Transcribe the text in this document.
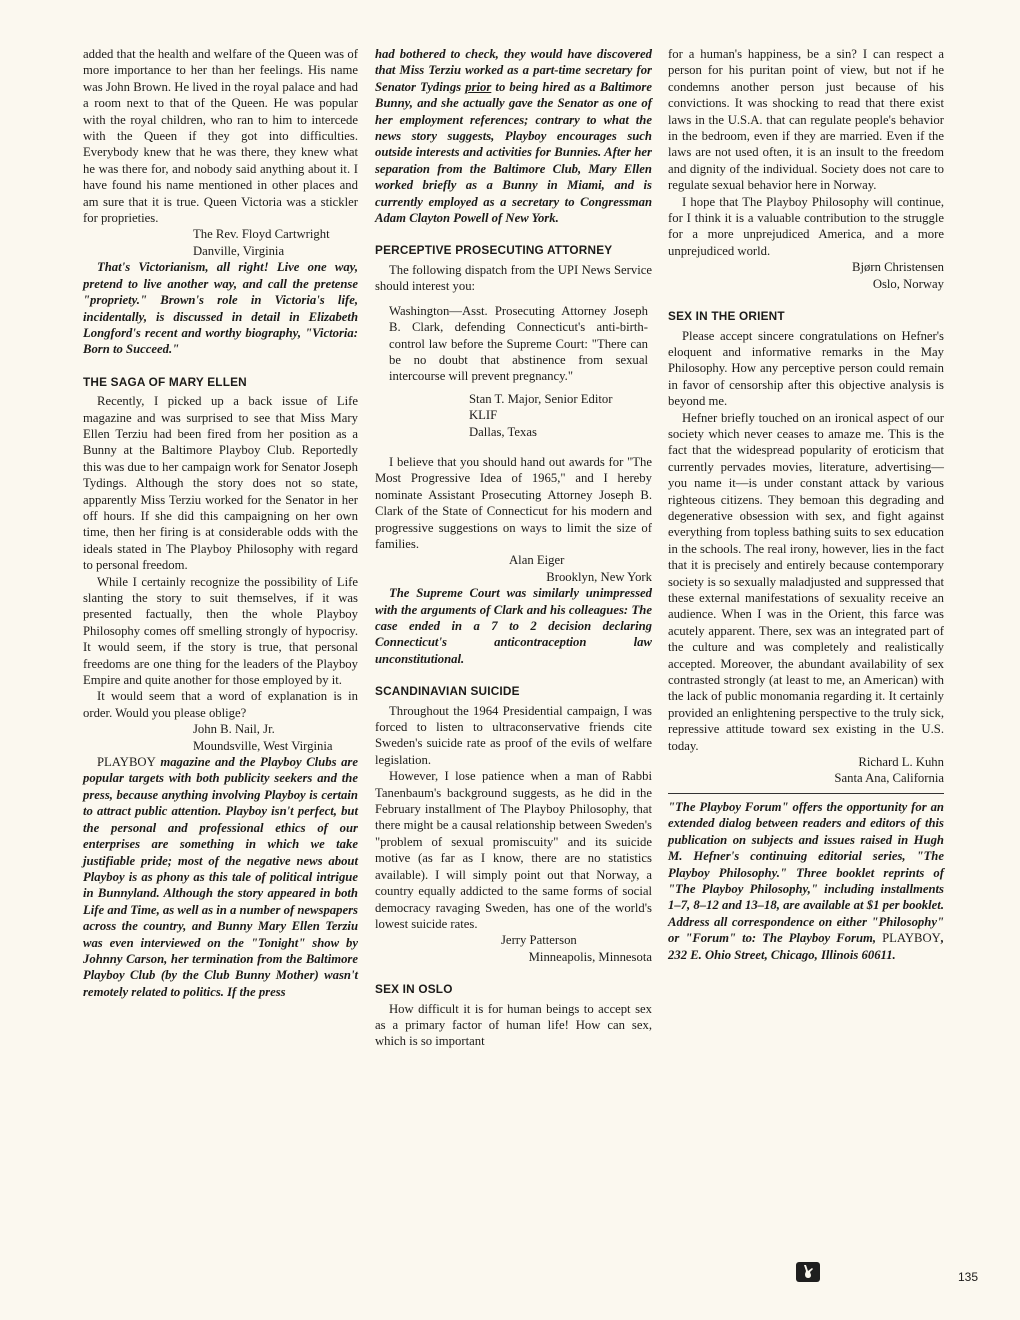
added that the health and welfare of the Queen was of more importance to her than her feelings. His name was John Brown. He lived in the royal palace and had a room next to that of the Queen. He was popular with the royal children, who ran to him to intercede with the Queen if they got into difficulties. Everybody knew that he was there, they knew what he was there for, and nobody said anything about it. I have found his name mentioned in other places and am sure that it is true. Queen Victoria was a stickler for proprieties.

The Rev. Floyd Cartwright

Danville, Virginia

That's Victorianism, all right! Live one way, pretend to live another way, and call the pretense "propriety." Brown's role in Victoria's life, incidentally, is discussed in detail in Elizabeth Longford's recent and worthy biography, "Victoria: Born to Succeed."

THE SAGA OF MARY ELLEN

Recently, I picked up a back issue of Life magazine and was surprised to see that Miss Mary Ellen Terziu had been fired from her position as a Bunny at the Baltimore Playboy Club. Reportedly this was due to her campaign work for Senator Joseph Tydings. Although the story does not so state, apparently Miss Terziu worked for the Senator in her off hours. If she did this campaigning on her own time, then her firing is at considerable odds with the ideals stated in The Playboy Philosophy with regard to personal freedom.

While I certainly recognize the possibility of Life slanting the story to suit themselves, if it was presented factually, then the whole Playboy Philosophy comes off smelling strongly of hypocrisy. It would seem, if the story is true, that personal freedoms are one thing for the leaders of the Playboy Empire and quite another for those employed by it.

It would seem that a word of explanation is in order. Would you please oblige?

John B. Nail, Jr.

Moundsville, West Virginia

PLAYBOY magazine and the Playboy Clubs are popular targets with both publicity seekers and the press, because anything involving Playboy is certain to attract public attention. Playboy isn't perfect, but the personal and professional ethics of our enterprises are something in which we take justifiable pride; most of the negative news about Playboy is as phony as this tale of political intrigue in Bunnyland. Although the story appeared in both Life and Time, as well as in a number of newspapers across the country, and Bunny Mary Ellen Terziu was even interviewed on the "Tonight" show by Johnny Carson, her termination from the Baltimore Playboy Club (by the Club Bunny Mother) wasn't remotely related to politics. If the press

had bothered to check, they would have discovered that Miss Terziu worked as a part-time secretary for Senator Tydings prior to being hired as a Baltimore Bunny, and she actually gave the Senator as one of her employment references; contrary to what the news story suggests, Playboy encourages such outside interests and activities for Bunnies. After her separation from the Baltimore Club, Mary Ellen worked briefly as a Bunny in Miami, and is currently employed as a secretary to Congressman Adam Clayton Powell of New York.

PERCEPTIVE PROSECUTING ATTORNEY

The following dispatch from the UPI News Service should interest you:

Washington—Asst. Prosecuting Attorney Joseph B. Clark, defending Connecticut's anti-birth-control law before the Supreme Court: "There can be no doubt that abstinence from sexual intercourse will prevent pregnancy."

Stan T. Major, Senior Editor

KLIF

Dallas, Texas

I believe that you should hand out awards for "The Most Progressive Idea of 1965," and I hereby nominate Assistant Prosecuting Attorney Joseph B. Clark of the State of Connecticut for his modern and progressive suggestions on ways to limit the size of families.

Alan Eiger

Brooklyn, New York

The Supreme Court was similarly unimpressed with the arguments of Clark and his colleagues: The case ended in a 7 to 2 decision declaring Connecticut's anticontraception law unconstitutional.

SCANDINAVIAN SUICIDE

Throughout the 1964 Presidential campaign, I was forced to listen to ultraconservative friends cite Sweden's suicide rate as proof of the evils of welfare legislation.

However, I lose patience when a man of Rabbi Tanenbaum's background suggests, as he did in the February installment of The Playboy Philosophy, that there might be a causal relationship between Sweden's "problem of sexual promiscuity" and its suicide motive (as far as I know, there are no statistics available). I will simply point out that Norway, a country equally addicted to the same forms of social democracy ravaging Sweden, has one of the world's lowest suicide rates.

Jerry Patterson

Minneapolis, Minnesota

SEX IN OSLO

How difficult it is for human beings to accept sex as a primary factor of human life! How can sex, which is so important

for a human's happiness, be a sin? I can respect a person for his puritan point of view, but not if he condemns another person just because of his convictions. It was shocking to read that there exist laws in the U.S.A. that can regulate people's behavior in the bedroom, even if they are married. Even if the laws are not used often, it is an insult to the freedom and dignity of the individual. Society does not care to regulate sexual behavior here in Norway.

I hope that The Playboy Philosophy will continue, for I think it is a valuable contribution to the struggle for a more unprejudiced America, and a more unprejudiced world.

Bjørn Christensen

Oslo, Norway

SEX IN THE ORIENT

Please accept sincere congratulations on Hefner's eloquent and informative remarks in the May Philosophy. How any perceptive person could remain in favor of censorship after this objective analysis is beyond me.

Hefner briefly touched on an ironical aspect of our society which never ceases to amaze me. This is the fact that the widespread popularity of eroticism that currently pervades movies, literature, advertising—you name it—is under constant attack by various righteous citizens. They bemoan this degrading and degenerative obsession with sex, and fight against everything from topless bathing suits to sex education in the schools. The real irony, however, lies in the fact that it is precisely and entirely because contemporary society is so sexually maladjusted and suppressed that these external manifestations of sexuality receive an audience. When I was in the Orient, this farce was acutely apparent. There, sex was an integrated part of the culture and was completely and realistically accepted. Moreover, the abundant availability of sex contrasted strongly (at least to me, an American) with the lack of public monomania regarding it. It certainly provided an enlightening perspective to the truly sick, repressive attitude toward sex existing in the U.S. today.

Richard L. Kuhn

Santa Ana, California

"The Playboy Forum" offers the opportunity for an extended dialog between readers and editors of this publication on subjects and issues raised in Hugh M. Hefner's continuing editorial series, "The Playboy Philosophy." Three booklet reprints of "The Playboy Philosophy," including installments 1–7, 8–12 and 13–18, are available at $1 per booklet. Address all correspondence on either "Philosophy" or "Forum" to: The Playboy Forum, PLAYBOY, 232 E. Ohio Street, Chicago, Illinois 60611.

135
